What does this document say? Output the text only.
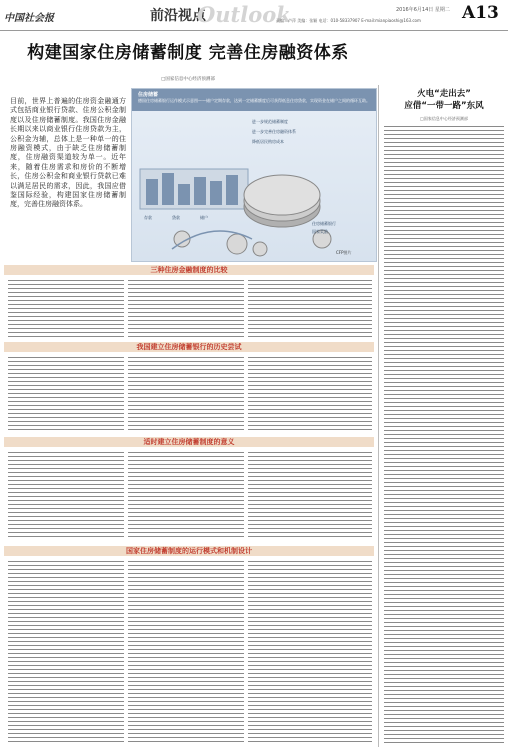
中国社会报	前沿视点
Outlook
责编：卢萍 美编：张颖 电话：010-58337907 E-mail:mianpiaoshi@163.com
2016年6月14日 星期二 A13
构建国家住房储蓄制度 完善住房融资体系
□国家信息中心经济预测部
目前，世界上普遍的住房资金融通方式包括商业银行贷款、住房公积金制度以及住房储蓄制度。我国住房金融长期以来以商业银行住房贷款为主，公积金为辅，总体上是一种单一的住房融资模式，由于缺乏住房储蓄制度，住房融资渠道较为单一。近年来，随着住房需求和房价的不断增长，住房公积金和商业银行贷款已难以满足居民的需求，因此，我国应借鉴国际经验，构建国家住房储蓄制度，完善住房融资体系。
住房储蓄
德国住房储蓄银行运作模式示意图——储户定期存款，达到一定储蓄额度后可获得低息住房贷款，实现资金在储户之间的循环互助。
进一步规范储蓄制度
进一步完善住房融资体系
降低居民购房成本
存款	贷款	储户
住房储蓄银行
国家奖励
CFP图片
三种住房金融制度的比较
我国建立住房储蓄银行的历史尝试
适时建立住房储蓄制度的意义
国家住房储蓄制度的运行模式和机制设计
火电“走出去”
应借“一带一路”东风
□国家信息中心经济预测部
